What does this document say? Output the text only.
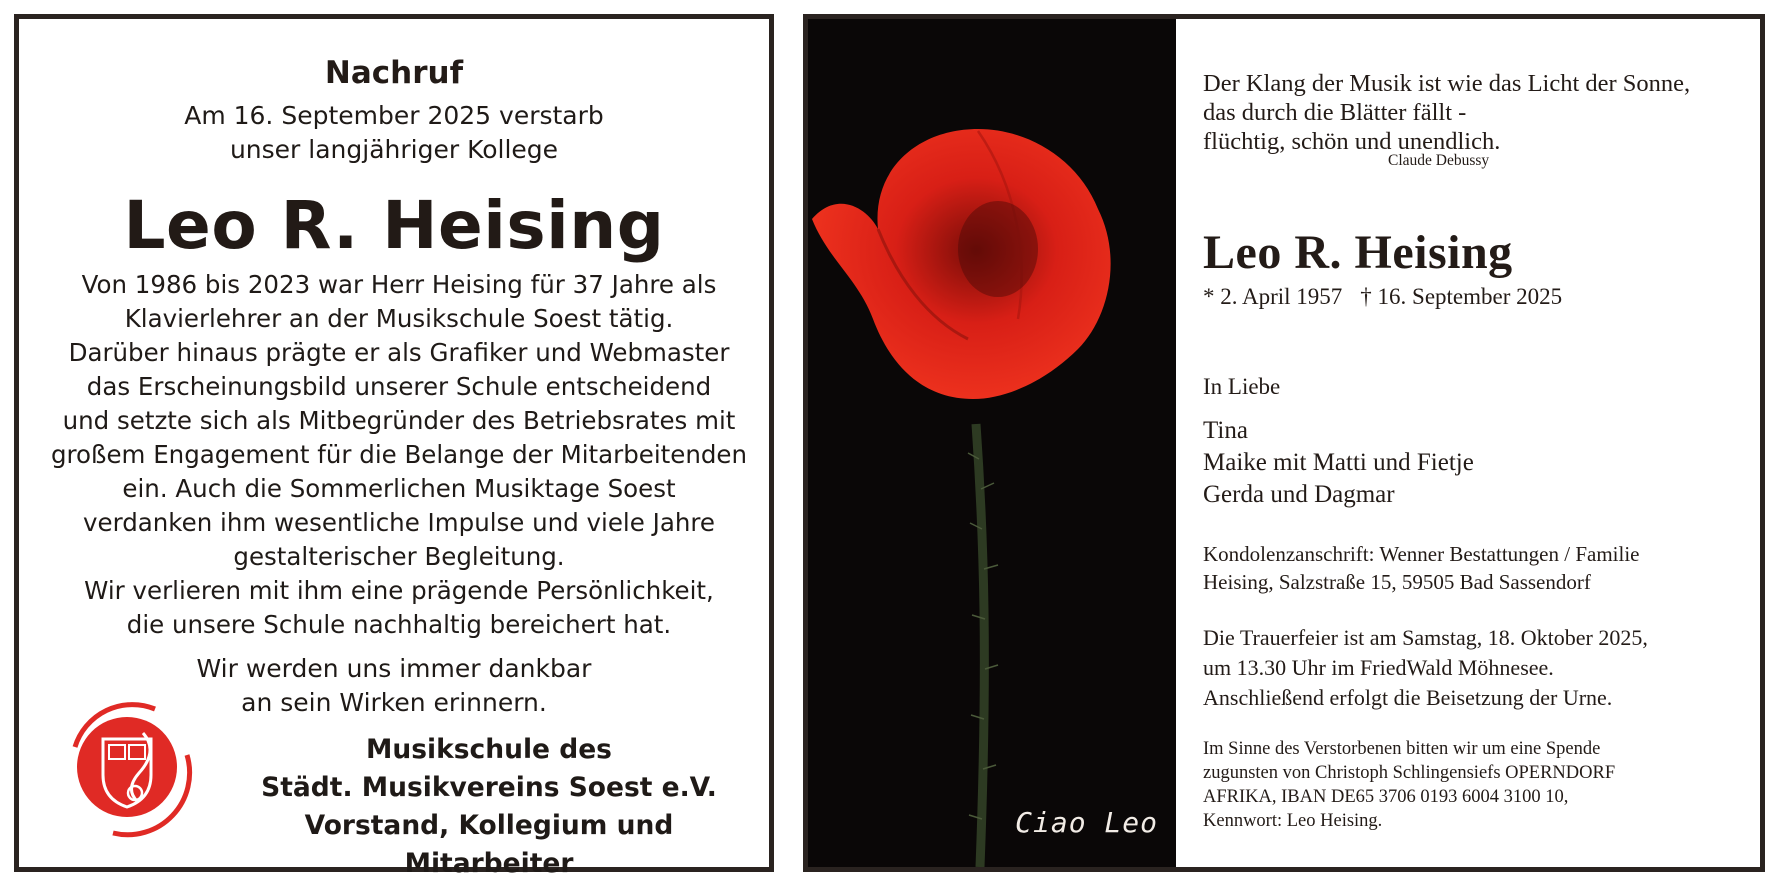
Nachruf
Am 16. September 2025 verstarb
unser langjähriger Kollege
Leo R. Heising
Von 1986 bis 2023 war Herr Heising für 37 Jahre als
Klavierlehrer an der Musikschule Soest tätig.
Darüber hinaus prägte er als Grafiker und Webmaster
das Erscheinungsbild unserer Schule entscheidend
und setzte sich als Mitbegründer des Betriebsrates mit
großem Engagement für die Belange der Mitarbeitenden
ein. Auch die Sommerlichen Musiktage Soest
verdanken ihm wesentliche Impulse und viele Jahre
gestalterischer Begleitung.
Wir verlieren mit ihm eine prägende Persönlichkeit,
die unsere Schule nachhaltig bereichert hat.
Wir werden uns immer dankbar
an sein Wirken erinnern.
Musikschule des
Städt. Musikvereins Soest e.V.
Vorstand, Kollegium und Mitarbeiter
Ciao Leo
Der Klang der Musik ist wie das Licht der Sonne,
das durch die Blätter fällt -
flüchtig, schön und unendlich.
Claude Debussy
Leo R. Heising
* 2. April 1957 † 16. September 2025
In Liebe
Tina
Maike mit Matti und Fietje
Gerda und Dagmar
Kondolenzanschrift: Wenner Bestattungen / Familie
Heising, Salzstraße 15, 59505 Bad Sassendorf
Die Trauerfeier ist am Samstag, 18. Oktober 2025,
um 13.30 Uhr im FriedWald Möhnesee.
Anschließend erfolgt die Beisetzung der Urne.
Im Sinne des Verstorbenen bitten wir um eine Spende
zugunsten von Christoph Schlingensiefs OPERNDORF
AFRIKA, IBAN DE65 3706 0193 6004 3100 10,
Kennwort: Leo Heising.
